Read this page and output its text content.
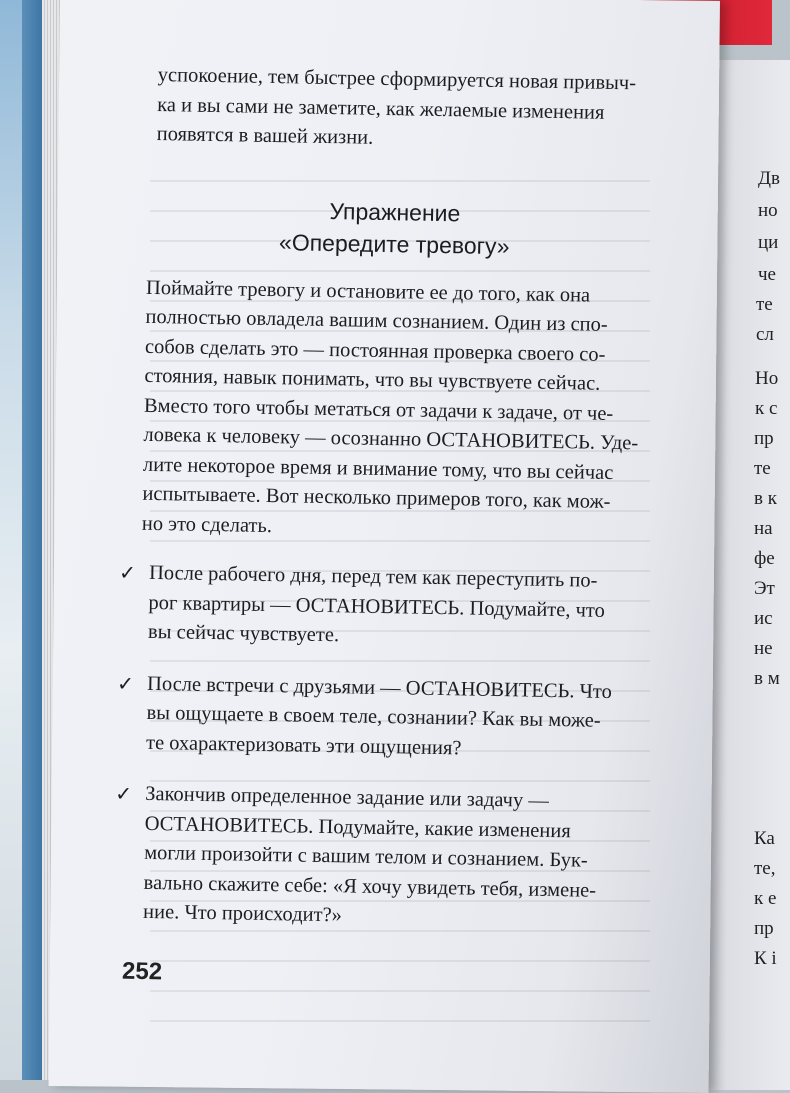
Дв
но
ци
че
те
сл
Но
к с
пр
те
в к
на
фе
Эт
ис
не
в м
Ка
те,
к е
пр
К і

успокоение, тем быстрее сформируется новая привыч-
ка и вы сами не заметите, как желаемые изменения
появятся в вашей жизни.

Упражнение
«Опередите тревогу»

Поймайте тревогу и остановите ее до того, как она
полностью овладела вашим сознанием. Один из спо-
собов сделать это — постоянная проверка своего со-
стояния, навык понимать, что вы чувствуете сейчас.
Вместо того чтобы метаться от задачи к задаче, от че-
ловека к человеку — осознанно ОСТАНОВИТЕСЬ. Уде-
лите некоторое время и внимание тому, что вы сейчас
испытываете. Вот несколько примеров того, как мож-
но это сделать.

✓ После рабочего дня, перед тем как переступить по-
рог квартиры — ОСТАНОВИТЕСЬ. Подумайте, что
вы сейчас чувствуете.

✓ После встречи с друзьями — ОСТАНОВИТЕСЬ. Что
вы ощущаете в своем теле, сознании? Как вы може-
те охарактеризовать эти ощущения?

✓ Закончив определенное задание или задачу —
ОСТАНОВИТЕСЬ. Подумайте, какие изменения
могли произойти с вашим телом и сознанием. Бук-
вально скажите себе: «Я хочу увидеть тебя, измене-
ние. Что происходит?»

252
